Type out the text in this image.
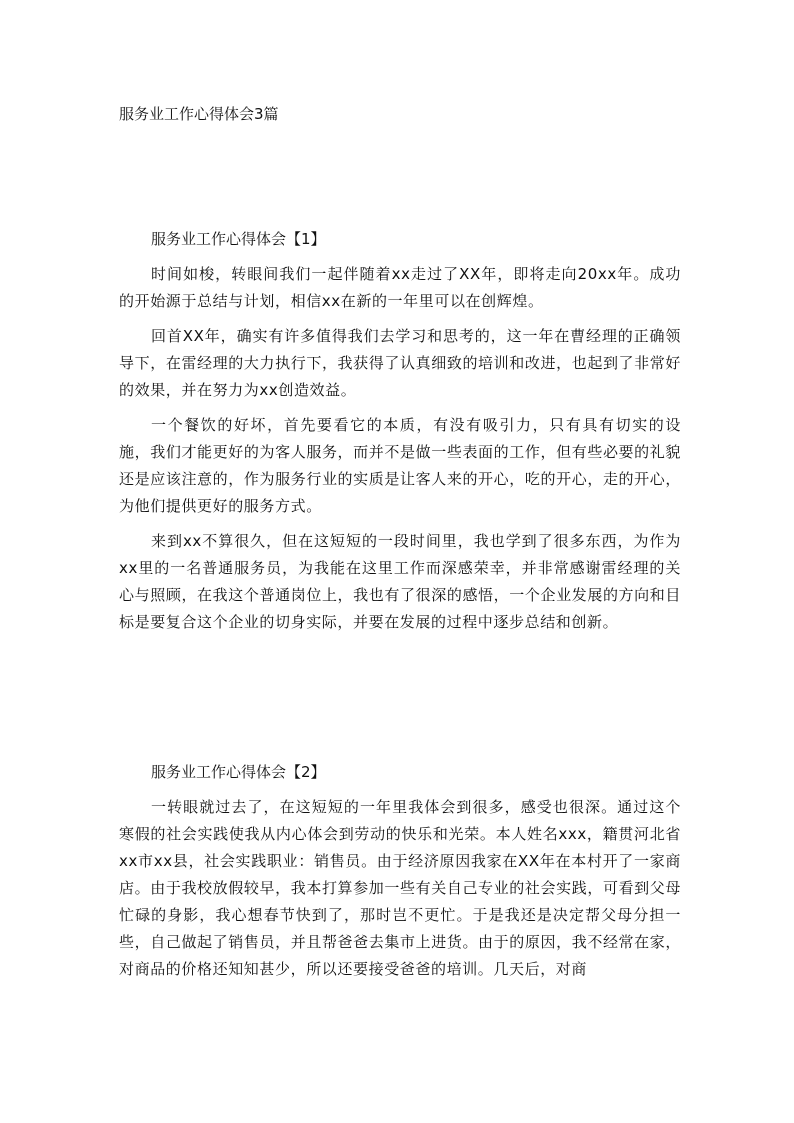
服务业工作心得体会3篇
服务业工作心得体会【1】

时间如梭，转眼间我们一起伴随着xx走过了XX年，即将走向20xx年。成功的开始源于总结与计划，相信xx在新的一年里可以在创辉煌。

回首XX年，确实有许多值得我们去学习和思考的，这一年在曹经理的正确领导下，在雷经理的大力执行下，我获得了认真细致的培训和改进，也起到了非常好的效果，并在努力为xx创造效益。

一个餐饮的好坏，首先要看它的本质，有没有吸引力，只有具有切实的设施，我们才能更好的为客人服务，而并不是做一些表面的工作，但有些必要的礼貌还是应该注意的，作为服务行业的实质是让客人来的开心，吃的开心，走的开心，为他们提供更好的服务方式。

来到xx不算很久，但在这短短的一段时间里，我也学到了很多东西，为作为xx里的一名普通服务员，为我能在这里工作而深感荣幸，并非常感谢雷经理的关心与照顾，在我这个普通岗位上，我也有了很深的感悟，一个企业发展的方向和目标是要复合这个企业的切身实际，并要在发展的过程中逐步总结和创新。

服务业工作心得体会【2】

一转眼就过去了，在这短短的一年里我体会到很多，感受也很深。通过这个寒假的社会实践使我从内心体会到劳动的快乐和光荣。本人姓名xxx，籍贯河北省xx市xx县，社会实践职业：销售员。由于经济原因我家在XX年在本村开了一家商店。由于我校放假较早，我本打算参加一些有关自己专业的社会实践，可看到父母忙碌的身影，我心想春节快到了，那时岂不更忙。于是我还是决定帮父母分担一些，自己做起了销售员，并且帮爸爸去集市上进货。由于的原因，我不经常在家，对商品的价格还知知甚少，所以还要接受爸爸的培训。几天后，对商
